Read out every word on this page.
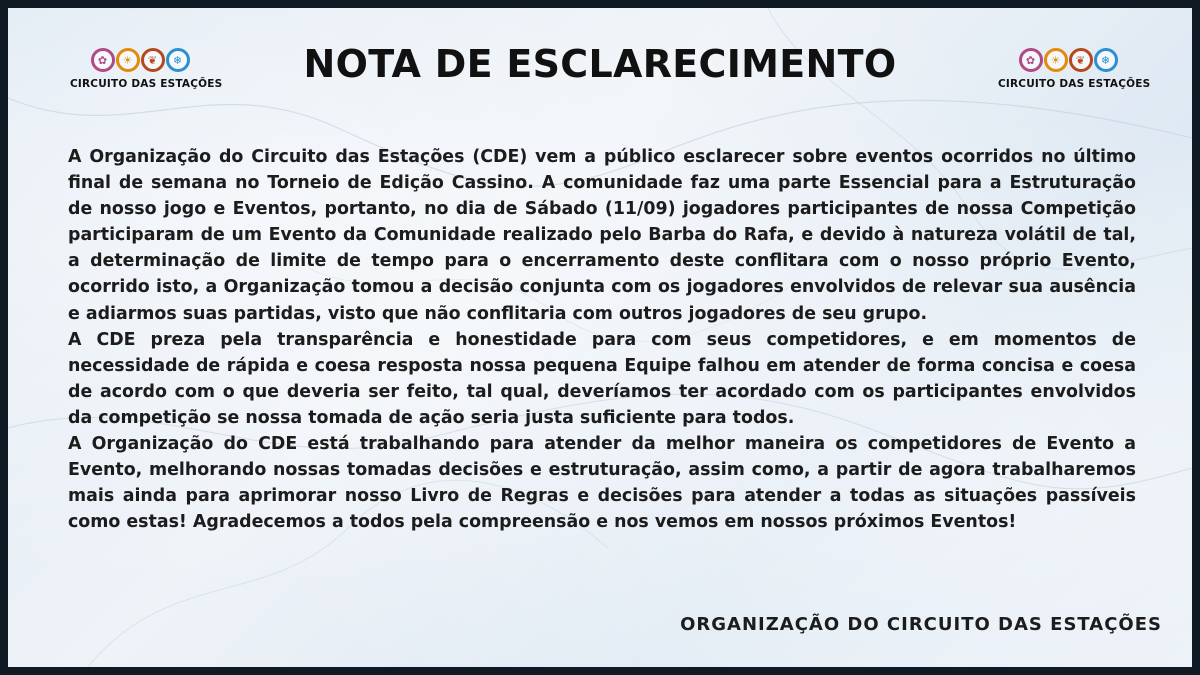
✿	☀	❦	❄
CIRCUITO DAS ESTAÇÕES	NOTA DE ESCLARECIMENTO	✿	☀	❦	❄
CIRCUITO DAS ESTAÇÕES

A Organização do Circuito das Estações (CDE) vem a público esclarecer sobre eventos ocorridos no último final de semana no Torneio de Edição Cassino. A comunidade faz uma parte Essencial para a Estruturação de nosso jogo e Eventos, portanto, no dia de Sábado (11/09) jogadores participantes de nossa Competição participaram de um Evento da Comunidade realizado pelo Barba do Rafa, e devido à natureza volátil de tal, a determinação de limite de tempo para o encerramento deste conflitara com o nosso próprio Evento, ocorrido isto, a Organização tomou a decisão conjunta com os jogadores envolvidos de relevar sua ausência e adiarmos suas partidas, visto que não conflitaria com outros jogadores de seu grupo.

A CDE preza pela transparência e honestidade para com seus competidores, e em momentos de necessidade de rápida e coesa resposta nossa pequena Equipe falhou em atender de forma concisa e coesa de acordo com o que deveria ser feito, tal qual, deveríamos ter acordado com os participantes envolvidos da competição se nossa tomada de ação seria justa suficiente para todos.

A Organização do CDE está trabalhando para atender da melhor maneira os competidores de Evento a Evento, melhorando nossas tomadas decisões e estruturação, assim como, a partir de agora trabalharemos mais ainda para aprimorar nosso Livro de Regras e decisões para atender a todas as situações passíveis como estas! Agradecemos a todos pela compreensão e nos vemos em nossos próximos Eventos!

ORGANIZAÇÃO DO CIRCUITO DAS ESTAÇÕES
